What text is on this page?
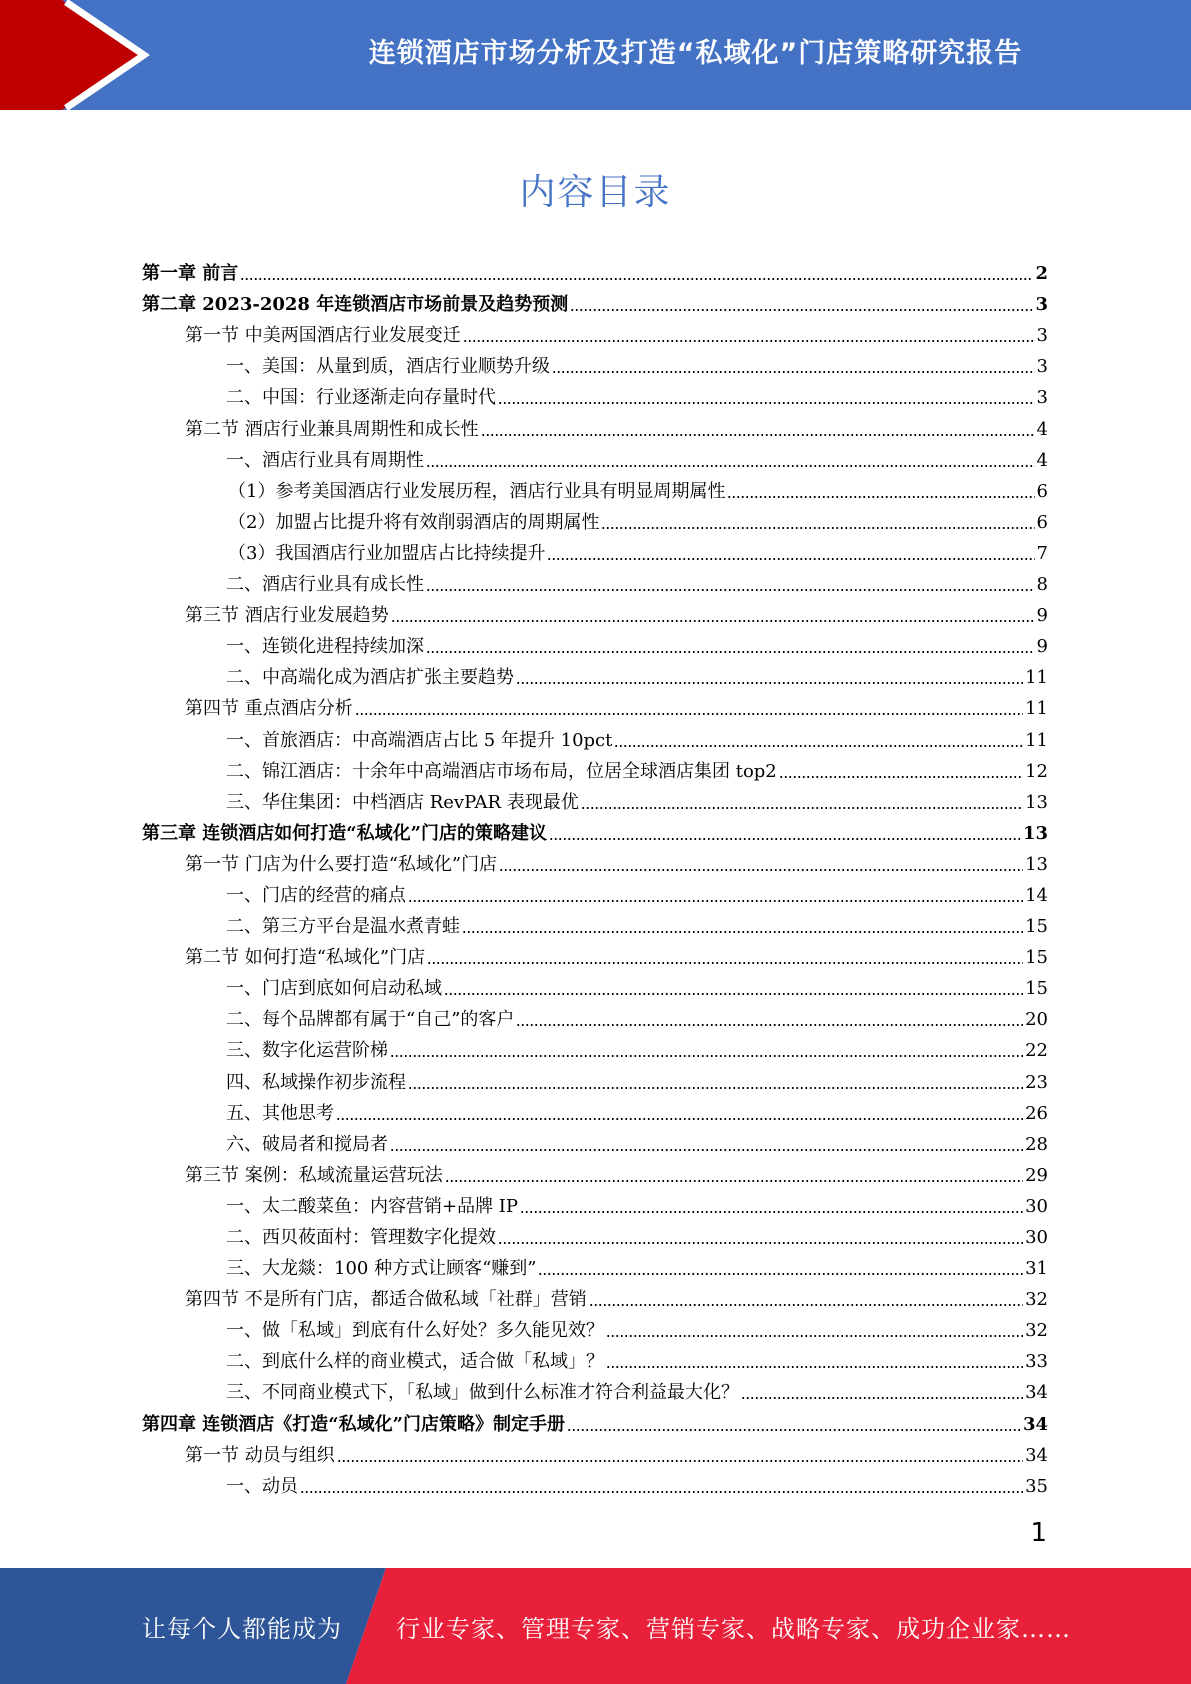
连锁酒店市场分析及打造“私域化”门店策略研究报告
内容目录
第一章 前言	2
第二章 2023-2028 年连锁酒店市场前景及趋势预测	3
第一节 中美两国酒店行业发展变迁	3
一、美国：从量到质，酒店行业顺势升级	3
二、中国：行业逐渐走向存量时代	3
第二节 酒店行业兼具周期性和成长性	4
一、酒店行业具有周期性	4
（1）参考美国酒店行业发展历程，酒店行业具有明显周期属性	6
（2）加盟占比提升将有效削弱酒店的周期属性	6
（3）我国酒店行业加盟店占比持续提升	7
二、酒店行业具有成长性	8
第三节 酒店行业发展趋势	9
一、连锁化进程持续加深	9
二、中高端化成为酒店扩张主要趋势	11
第四节 重点酒店分析	11
一、首旅酒店：中高端酒店占比 5 年提升 10pct	11
二、锦江酒店：十余年中高端酒店市场布局，位居全球酒店集团 top2	12
三、华住集团：中档酒店 RevPAR 表现最优	13
第三章 连锁酒店如何打造“私域化”门店的策略建议	13
第一节 门店为什么要打造“私域化”门店	13
一、门店的经营的痛点	14
二、第三方平台是温水煮青蛙	15
第二节 如何打造“私域化”门店	15
一、门店到底如何启动私域	15
二、每个品牌都有属于“自己”的客户	20
三、数字化运营阶梯	22
四、私域操作初步流程	23
五、其他思考	26
六、破局者和搅局者	28
第三节 案例：私域流量运营玩法	29
一、太二酸菜鱼：内容营销+品牌 IP	30
二、西贝莜面村：管理数字化提效	30
三、大龙燚：100 种方式让顾客“赚到”	31
第四节 不是所有门店，都适合做私域「社群」营销	32
一、做「私域」到底有什么好处？多久能见效？	32
二、到底什么样的商业模式，适合做「私域」？	33
三、不同商业模式下，「私域」做到什么标准才符合利益最大化？	34
第四章 连锁酒店《打造“私域化”门店策略》制定手册	34
第一节 动员与组织	34
一、动员	35
1
让每个人都能成为 行业专家、管理专家、营销专家、战略专家、成功企业家……
